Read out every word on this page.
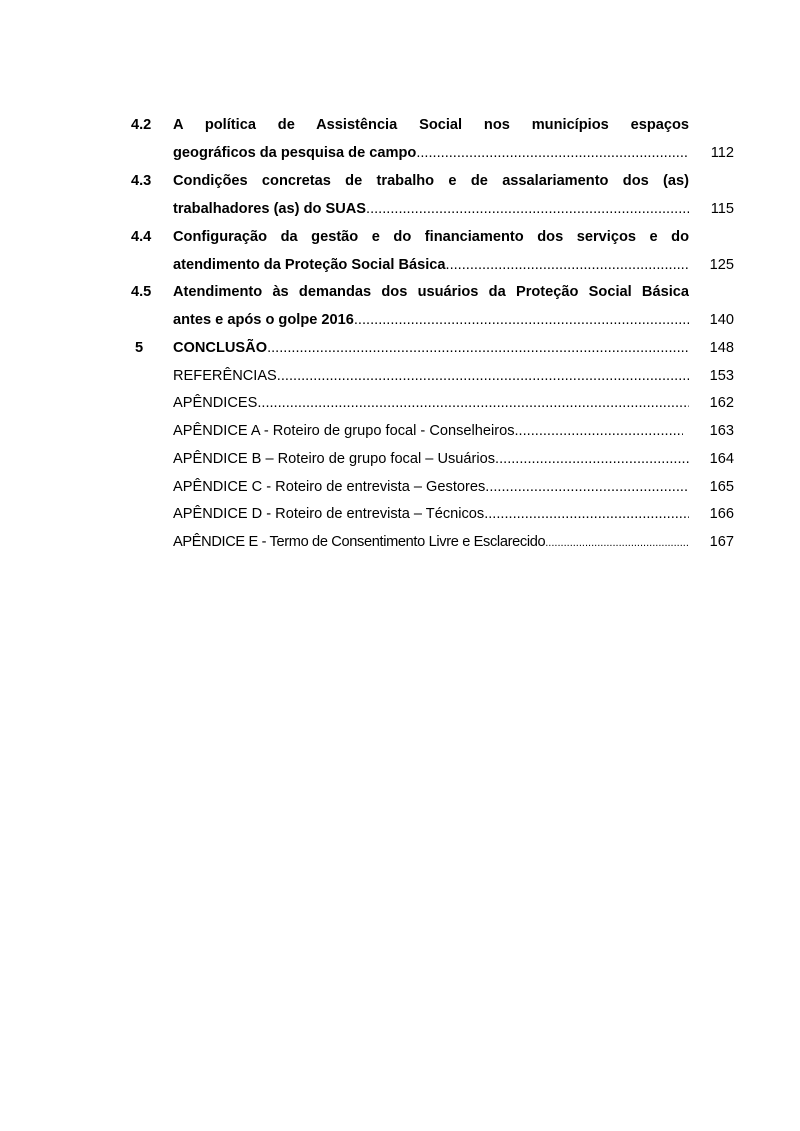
4.2	A política de Assistência Social nos municípios espaços
geográficos da pesquisa de campo .....	112
4.3	Condições concretas de trabalho e de assalariamento dos (as)
trabalhadores (as) do SUAS .....	115
4.4	Configuração da gestão e do financiamento dos serviços e do
atendimento da Proteção Social Básica .....	125
4.5	Atendimento às demandas dos usuários da Proteção Social Básica
antes e após o golpe 2016 .....	140
5	CONCLUSÃO .....	148
REFERÊNCIAS .....	153
APÊNDICES .....	162
APÊNDICE A - Roteiro de grupo focal - Conselheiros .....	163
APÊNDICE B – Roteiro de grupo focal – Usuários .....	164
APÊNDICE C - Roteiro de entrevista – Gestores .....	165
APÊNDICE D - Roteiro de entrevista – Técnicos .....	166
APÊNDICE E - Termo de Consentimento Livre e Esclarecido .....	167
